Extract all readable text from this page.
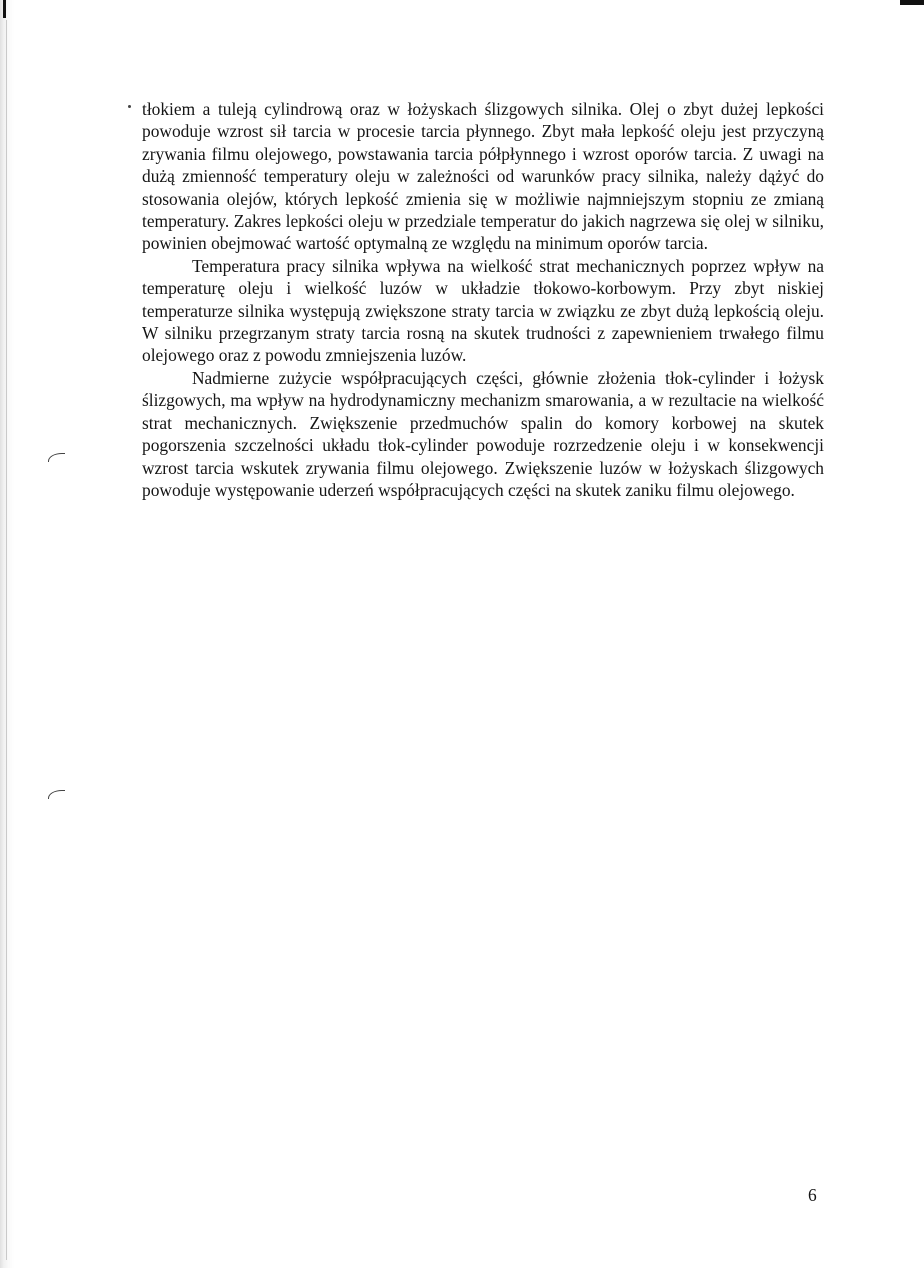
tłokiem a tuleją cylindrową oraz w łożyskach ślizgowych silnika. Olej o zbyt dużej lepkości powoduje wzrost sił tarcia w procesie tarcia płynnego. Zbyt mała lepkość oleju jest przyczyną zrywania filmu olejowego, powstawania tarcia półpłynnego i wzrost oporów tarcia. Z uwagi na dużą zmienność temperatury oleju w zależności od warunków pracy silnika, należy dążyć do stosowania olejów, których lepkość zmienia się w możliwie najmniejszym stopniu ze zmianą temperatury. Zakres lepkości oleju w przedziale temperatur do jakich nagrzewa się olej w silniku, powinien obejmować wartość optymalną ze względu na minimum oporów tarcia.

Temperatura pracy silnika wpływa na wielkość strat mechanicznych poprzez wpływ na temperaturę oleju i wielkość luzów w układzie tłokowo-korbowym. Przy zbyt niskiej temperaturze silnika występują zwiększone straty tarcia w związku ze zbyt dużą lepkością oleju. W silniku przegrzanym straty tarcia rosną na skutek trudności z zapewnieniem trwałego filmu olejowego oraz z powodu zmniejszenia luzów.

Nadmierne zużycie współpracujących części, głównie złożenia tłok-cylinder i łożysk ślizgowych, ma wpływ na hydrodynamiczny mechanizm smarowania, a w rezultacie na wielkość strat mechanicznych. Zwiększenie przedmuchów spalin do komory korbowej na skutek pogorszenia szczelności układu tłok-cylinder powoduje rozrzedzenie oleju i w konsekwencji wzrost tarcia wskutek zrywania filmu olejowego. Zwiększenie luzów w łożyskach ślizgowych powoduje występowanie uderzeń współpracujących części na skutek zaniku filmu olejowego.

6
